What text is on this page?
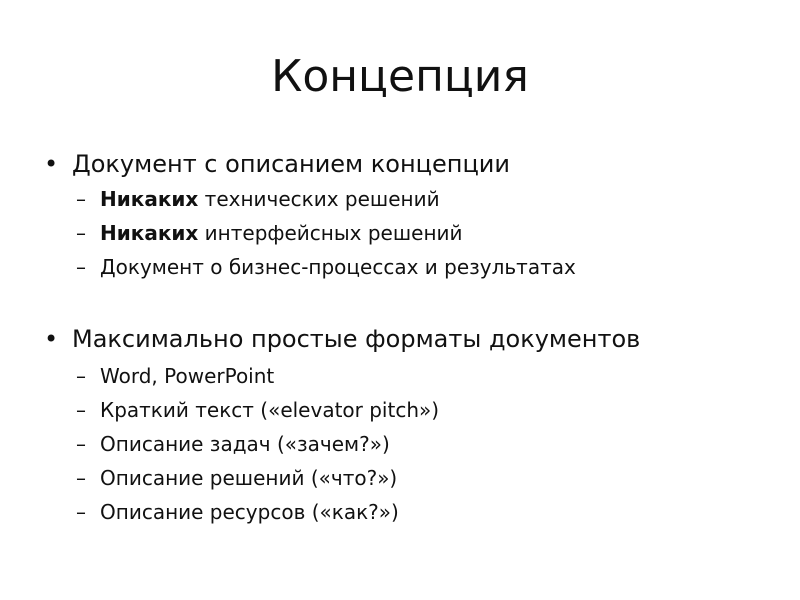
Концепция
• Документ с описанием концепции
– Никаких технических решений
– Никаких интерфейсных решений
– Документ о бизнес-процессах и результатах
• Максимально простые форматы документов
– Word, PowerPoint
– Краткий текст («elevator pitch»)
– Описание задач («зачем?»)
– Описание решений («что?»)
– Описание ресурсов («как?»)
